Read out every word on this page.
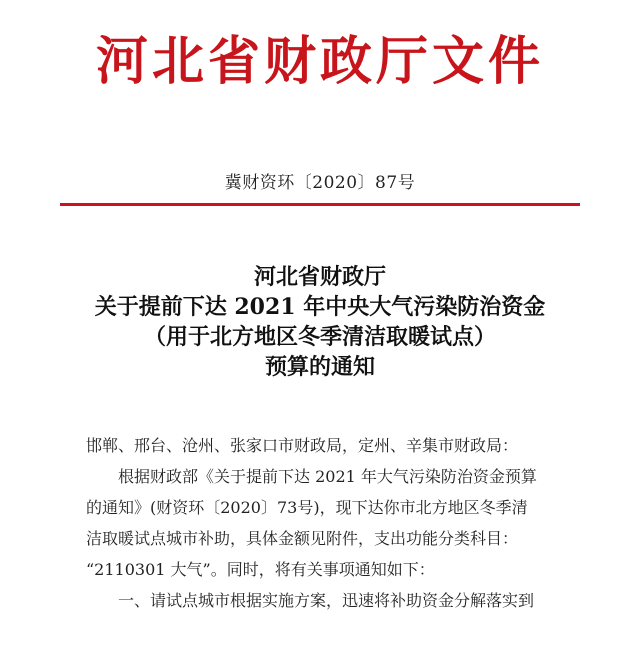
河北省财政厅文件
冀财资环〔2020〕87号
河北省财政厅
关于提前下达 2021 年中央大气污染防治资金
（用于北方地区冬季清洁取暖试点）
预算的通知

邯郸、邢台、沧州、张家口市财政局，定州、辛集市财政局：

根据财政部《关于提前下达 2021 年大气污染防治资金预算

的通知》(财资环〔2020〕73号)，现下达你市北方地区冬季清

洁取暖试点城市补助，具体金额见附件，支出功能分类科目：

“2110301 大气”。同时，将有关事项通知如下：

一、请试点城市根据实施方案，迅速将补助资金分解落实到
